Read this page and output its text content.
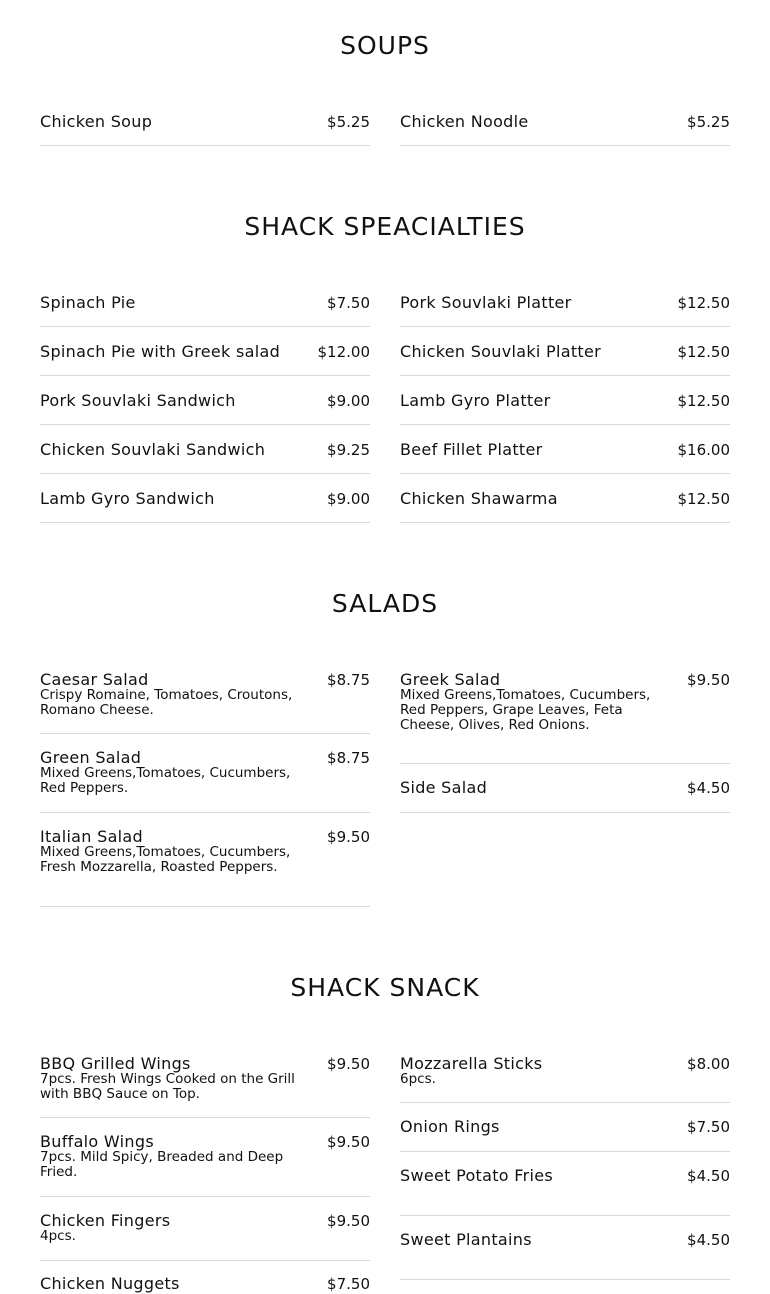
SOUPS
Chicken Soup	$5.25 Chicken Noodle	$5.25
SHACK SPEACIALTIES
Spinach Pie	$7.50
Spinach Pie with Greek salad	$12.00
Pork Souvlaki Sandwich	$9.00
Chicken Souvlaki Sandwich	$9.25
Lamb Gyro Sandwich	$9.00
Pork Souvlaki Platter	$12.50
Chicken Souvlaki Platter	$12.50
Lamb Gyro Platter	$12.50
Beef Fillet Platter	$16.00
Chicken Shawarma	$12.50
SALADS
Caesar Salad	$8.75
Crispy Romaine, Tomatoes, Croutons, Romano Cheese.
Green Salad	$8.75
Mixed Greens,Tomatoes, Cucumbers, Red Peppers.
Italian Salad	$9.50
Mixed Greens,Tomatoes, Cucumbers, Fresh Mozzarella, Roasted Peppers.
Greek Salad	$9.50
Mixed Greens,Tomatoes, Cucumbers, Red Peppers, Grape Leaves, Feta Cheese, Olives, Red Onions.
Side Salad	$4.50
SHACK SNACK
BBQ Grilled Wings	$9.50
7pcs. Fresh Wings Cooked on the Grill with BBQ Sauce on Top.
Buffalo Wings	$9.50
7pcs. Mild Spicy, Breaded and Deep Fried.
Chicken Fingers	$9.50
4pcs.
Chicken Nuggets	$7.50
Mozzarella Sticks	$8.00
6pcs.
Onion Rings	$7.50
Sweet Potato Fries	$4.50
Sweet Plantains	$4.50
